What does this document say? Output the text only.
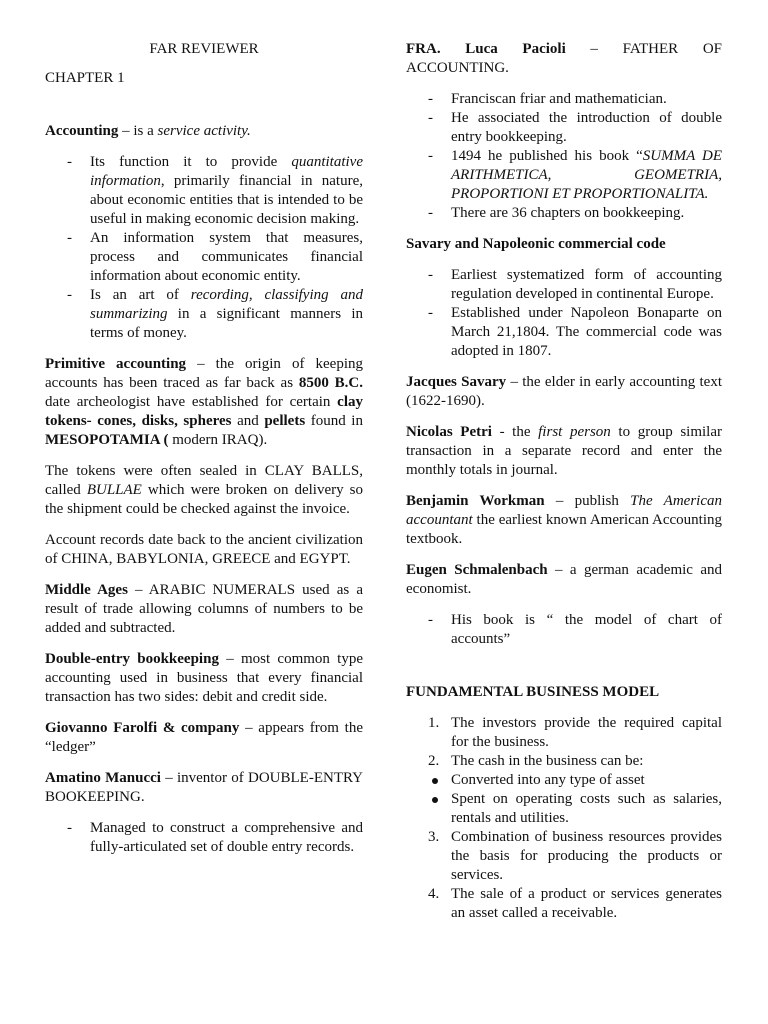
FAR REVIEWER

CHAPTER 1

Accounting – is a service activity.

- Its function it to provide quantitative information, primarily financial in nature, about economic entities that is intended to be useful in making economic decision making.
- An information system that measures, process and communicates financial information about economic entity.
- Is an art of recording, classifying and summarizing in a significant manners in terms of money.

Primitive accounting – the origin of keeping accounts has been traced as far back as 8500 B.C. date archeologist have established for certain clay tokens- cones, disks, spheres and pellets found in MESOPOTAMIA ( modern IRAQ).

The tokens were often sealed in CLAY BALLS, called BULLAE which were broken on delivery so the shipment could be checked against the invoice.

Account records date back to the ancient civilization of CHINA, BABYLONIA, GREECE and EGYPT.

Middle Ages – ARABIC NUMERALS used as a result of trade allowing columns of numbers to be added and subtracted.

Double-entry bookkeeping – most common type accounting used in business that every financial transaction has two sides: debit and credit side.

Giovanno Farolfi & company – appears from the “ledger”

Amatino Manucci – inventor of DOUBLE-ENTRY BOOKEEPING.

- Managed to construct a comprehensive and fully-articulated set of double entry records.

FRA. Luca Pacioli – FATHER OF ACCOUNTING.

- Franciscan friar and mathematician.
- He associated the introduction of double entry bookkeeping.
- 1494 he published his book “SUMMA DE ARITHMETICA, GEOMETRIA, PROPORTIONI ET PROPORTIONALITA.
- There are 36 chapters on bookkeeping.

Savary and Napoleonic commercial code

- Earliest systematized form of accounting regulation developed in continental Europe.
- Established under Napoleon Bonaparte on March 21,1804. The commercial code was adopted in 1807.

Jacques Savary – the elder in early accounting text (1622-1690).

Nicolas Petri - the first person to group similar transaction in a separate record and enter the monthly totals in journal.

Benjamin Workman – publish The American accountant the earliest known American Accounting textbook.

Eugen Schmalenbach – a german academic and economist.

- His book is “ the model of chart of accounts”

FUNDAMENTAL BUSINESS MODEL

1. The investors provide the required capital for the business.
2. The cash in the business can be:
Converted into any type of asset
Spent on operating costs such as salaries, rentals and utilities.
3. Combination of business resources provides the basis for producing the products or services.
4. The sale of a product or services generates an asset called a receivable.
